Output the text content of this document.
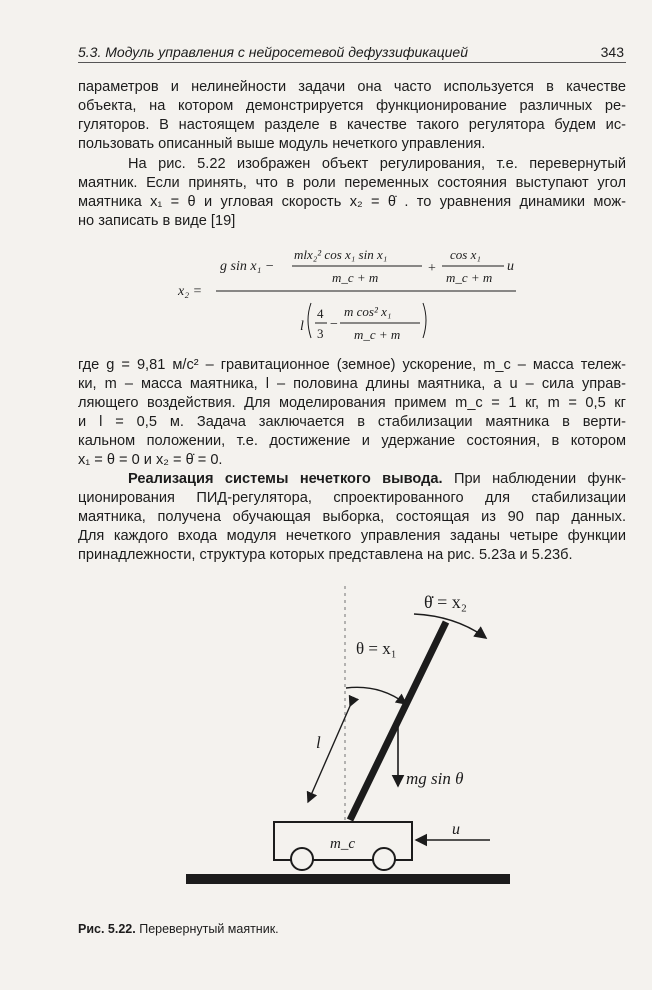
5.3. Модуль управления с нейросетевой дефуззификацией	343
параметров и нелинейности задачи она часто используется в качестве
объекта, на котором демонстрируется функционирование различных ре-
гуляторов. В настоящем разделе в качестве такого регулятора будем ис-
пользовать описанный выше модуль нечеткого управления.
На рис. 5.22 изображен объект регулирования, т.е. перевернутый
маятник. Если принять, что в роли переменных состояния выступают угол
маятника x₁ = θ и угловая скорость x₂ = θ̇ . то уравнения динамики мож-
но записать в виде [19]
x₂ =
g sin x₁ −
mlx₂² cos x₁ sin x₁
m_c + m
+
cos x₁
m_c + m
u
l
4
3
−
m cos² x₁
m_c + m
где g = 9,81 м/с² – гравитационное (земное) ускорение, m_c – масса тележ-
ки, m – масса маятника, l – половина длины маятника, а u – сила управ-
ляющего воздействия. Для моделирования примем m_c = 1 кг, m = 0,5 кг
и l = 0,5 м. Задача заключается в стабилизации маятника в верти-
кальном положении, т.е. достижение и удержание состояния, в котором
x₁ = θ = 0 и x₂ = θ̇ = 0.
Реализация системы нечеткого вывода. При наблюдении функ-
ционирования ПИД-регулятора, спроектированного для стабилизации
маятника, получена обучающая выборка, состоящая из 90 пар данных.
Для каждого входа модуля нечеткого управления заданы четыре функции
принадлежности, структура которых представлена на рис. 5.23а и 5.23б.
m_c
θ = x₁
θ̇ = x₂
l
mg sin θ
u
Рис. 5.22. Перевернутый маятник.
